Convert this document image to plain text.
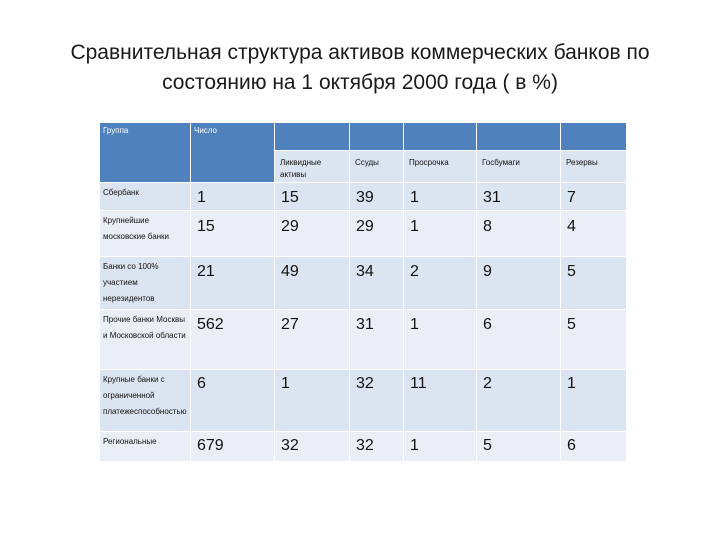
Сравнительная структура активов коммерческих банков по
состоянию на 1 октября 2000 года ( в %)
Группа	Число					

		Ликвидные активы	Ссуды	Просрочка	Госбумаги	Резервы

Сбербанк	1	15	39	1	31	7

Крупнейшие московские банки	15	29	29	1	8	4

Банки со 100% участием нерезидентов	21	49	34	2	9	5

Прочие банки Москвы и Московской области	562	27	31	1	6	5

Крупные банки с ограниченной платежеспособностью	6	1	32	11	2	1

Региональные	679	32	32	1	5	6
